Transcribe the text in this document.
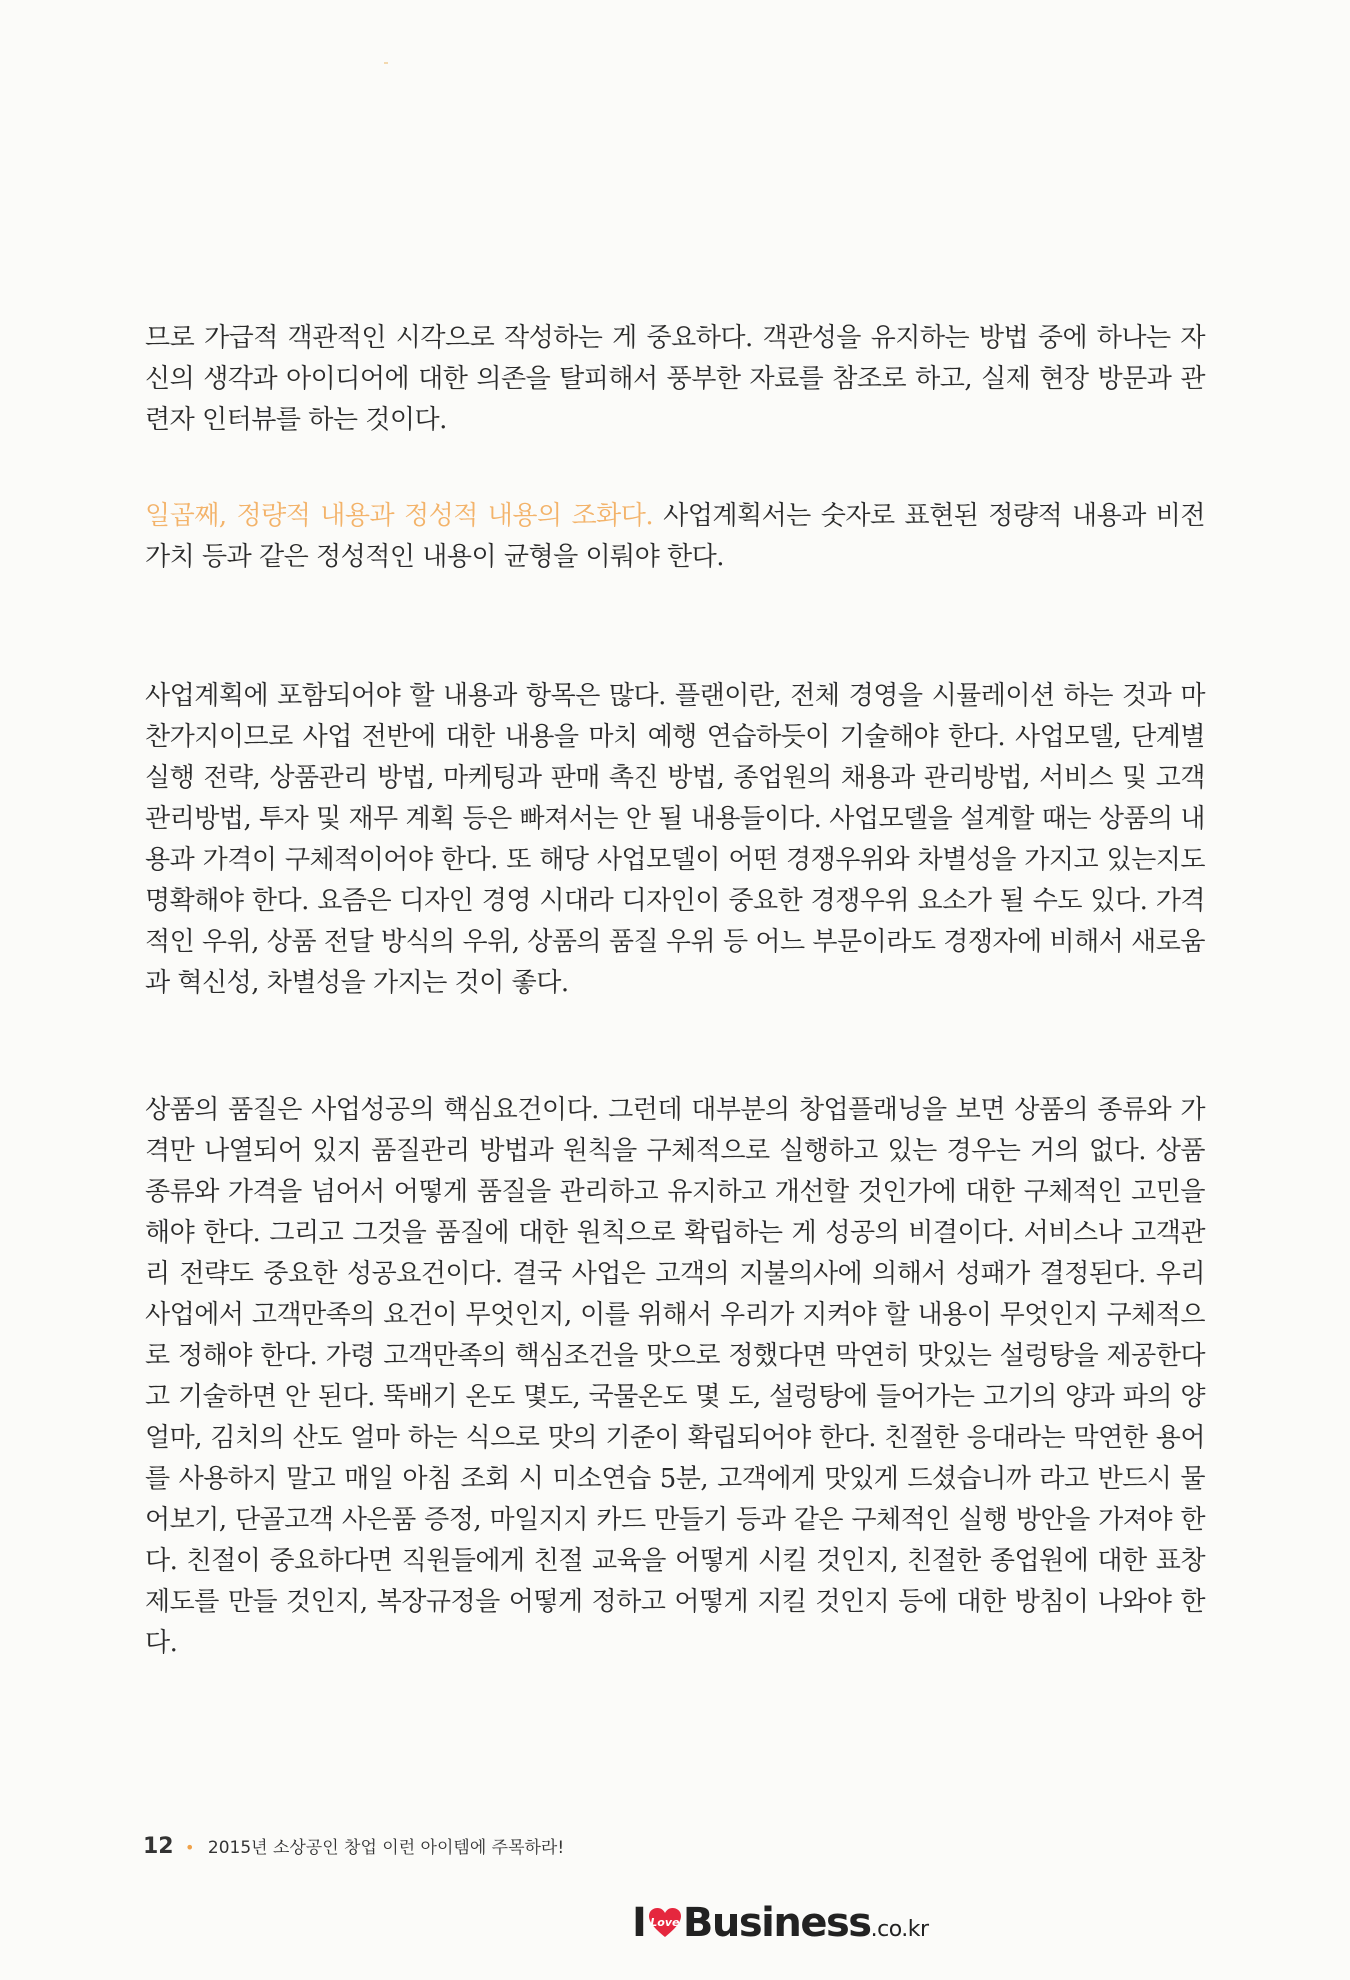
므로 가급적 객관적인 시각으로 작성하는 게 중요하다. 객관성을 유지하는 방법 중에 하나는 자신의 생각과 아이디어에 대한 의존을 탈피해서 풍부한 자료를 참조로 하고, 실제 현장 방문과 관련자 인터뷰를 하는 것이다.

일곱째, 정량적 내용과 정성적 내용의 조화다. 사업계획서는 숫자로 표현된 정량적 내용과 비전 가치 등과 같은 정성적인 내용이 균형을 이뤄야 한다.

사업계획에 포함되어야 할 내용과 항목은 많다. 플랜이란, 전체 경영을 시뮬레이션 하는 것과 마찬가지이므로 사업 전반에 대한 내용을 마치 예행 연습하듯이 기술해야 한다. 사업모델, 단계별 실행 전략, 상품관리 방법, 마케팅과 판매 촉진 방법, 종업원의 채용과 관리방법, 서비스 및 고객관리방법, 투자 및 재무 계획 등은 빠져서는 안 될 내용들이다. 사업모델을 설계할 때는 상품의 내용과 가격이 구체적이어야 한다. 또 해당 사업모델이 어떤 경쟁우위와 차별성을 가지고 있는지도 명확해야 한다. 요즘은 디자인 경영 시대라 디자인이 중요한 경쟁우위 요소가 될 수도 있다. 가격적인 우위, 상품 전달 방식의 우위, 상품의 품질 우위 등 어느 부문이라도 경쟁자에 비해서 새로움과 혁신성, 차별성을 가지는 것이 좋다.

상품의 품질은 사업성공의 핵심요건이다. 그런데 대부분의 창업플래닝을 보면 상품의 종류와 가격만 나열되어 있지 품질관리 방법과 원칙을 구체적으로 실행하고 있는 경우는 거의 없다. 상품종류와 가격을 넘어서 어떻게 품질을 관리하고 유지하고 개선할 것인가에 대한 구체적인 고민을 해야 한다. 그리고 그것을 품질에 대한 원칙으로 확립하는 게 성공의 비결이다. 서비스나 고객관리 전략도 중요한 성공요건이다. 결국 사업은 고객의 지불의사에 의해서 성패가 결정된다. 우리 사업에서 고객만족의 요건이 무엇인지, 이를 위해서 우리가 지켜야 할 내용이 무엇인지 구체적으로 정해야 한다. 가령 고객만족의 핵심조건을 맛으로 정했다면 막연히 맛있는 설렁탕을 제공한다고 기술하면 안 된다. 뚝배기 온도 몇도, 국물온도 몇 도, 설렁탕에 들어가는 고기의 양과 파의 양 얼마, 김치의 산도 얼마 하는 식으로 맛의 기준이 확립되어야 한다. 친절한 응대라는 막연한 용어를 사용하지 말고 매일 아침 조회 시 미소연습 5분, 고객에게 맛있게 드셨습니까 라고 반드시 물어보기, 단골고객 사은품 증정, 마일지지 카드 만들기 등과 같은 구체적인 실행 방안을 가져야 한다. 친절이 중요하다면 직원들에게 친절 교육을 어떻게 시킬 것인지, 친절한 종업원에 대한 표창제도를 만들 것인지, 복장규정을 어떻게 정하고 어떻게 지킬 것인지 등에 대한 방침이 나와야 한다.

12 • 2015년 소상공인 창업 이런 아이템에 주목하라!
I Love Business .co.kr
